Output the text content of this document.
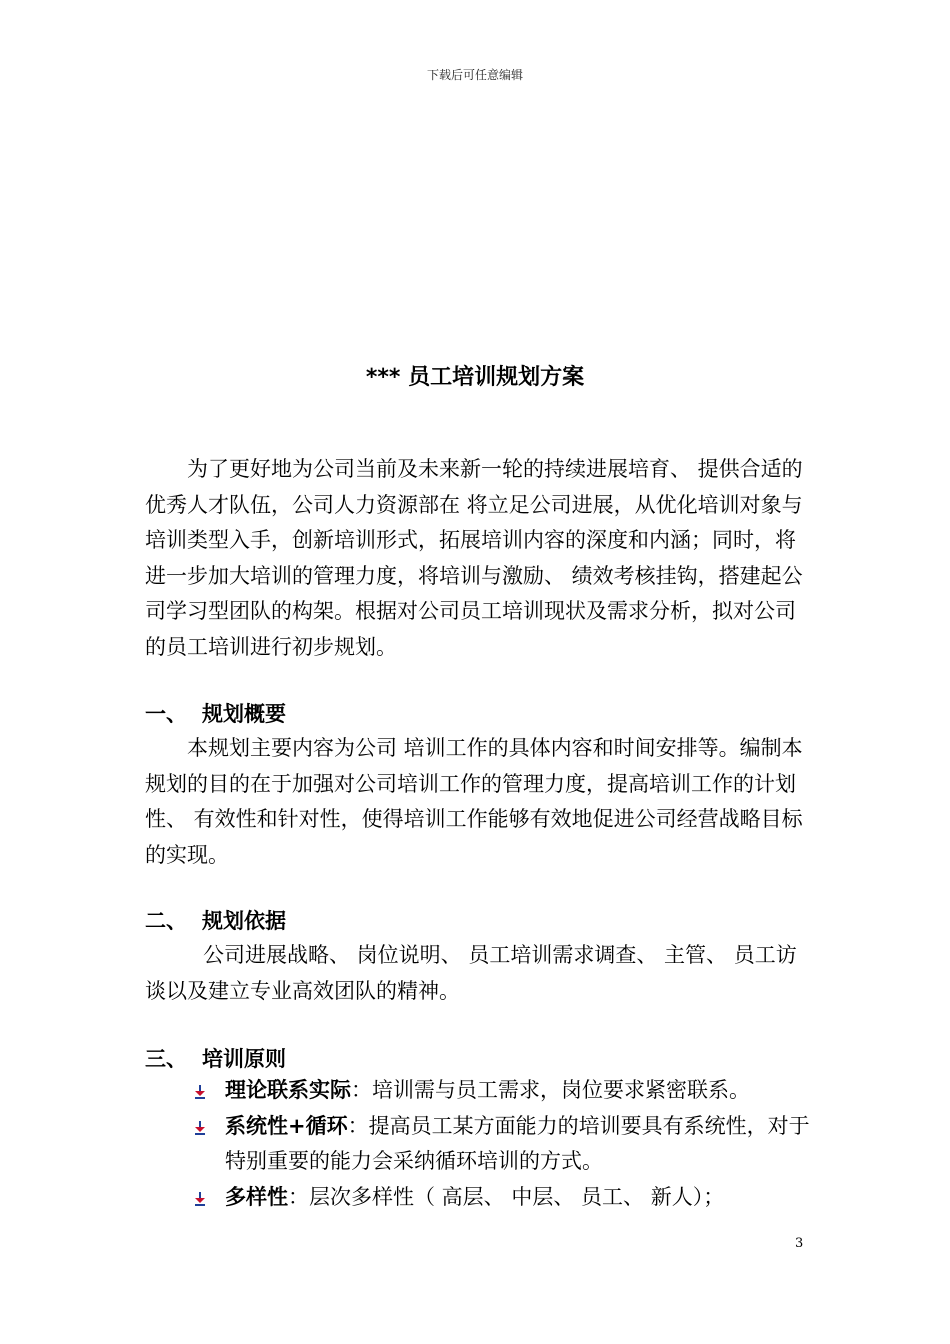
下载后可任意编辑
*** 员工培训规划方案

为了更好地为公司当前及未来新一轮的持续进展培育、 提供合适的优秀人才队伍，公司人力资源部在 将立足公司进展，从优化培训对象与培训类型入手，创新培训形式，拓展培训内容的深度和内涵；同时，将进一步加大培训的管理力度，将培训与激励、 绩效考核挂钩，搭建起公司学习型团队的构架。根据对公司员工培训现状及需求分析，拟对公司 的员工培训进行初步规划。

一、 规划概要

本规划主要内容为公司 培训工作的具体内容和时间安排等。编制本规划的目的在于加强对公司培训工作的管理力度，提高培训工作的计划性、 有效性和针对性，使得培训工作能够有效地促进公司经营战略目标的实现。

二、 规划依据

公司进展战略、 岗位说明、 员工培训需求调查、 主管、 员工访谈以及建立专业高效团队的精神。

三、 培训原则
理论联系实际：培训需与员工需求，岗位要求紧密联系。
系统性+循环：提高员工某方面能力的培训要具有系统性，对于特别重要的能力会采纳循环培训的方式。
多样性：层次多样性（ 高层、 中层、 员工、 新人）；
3
